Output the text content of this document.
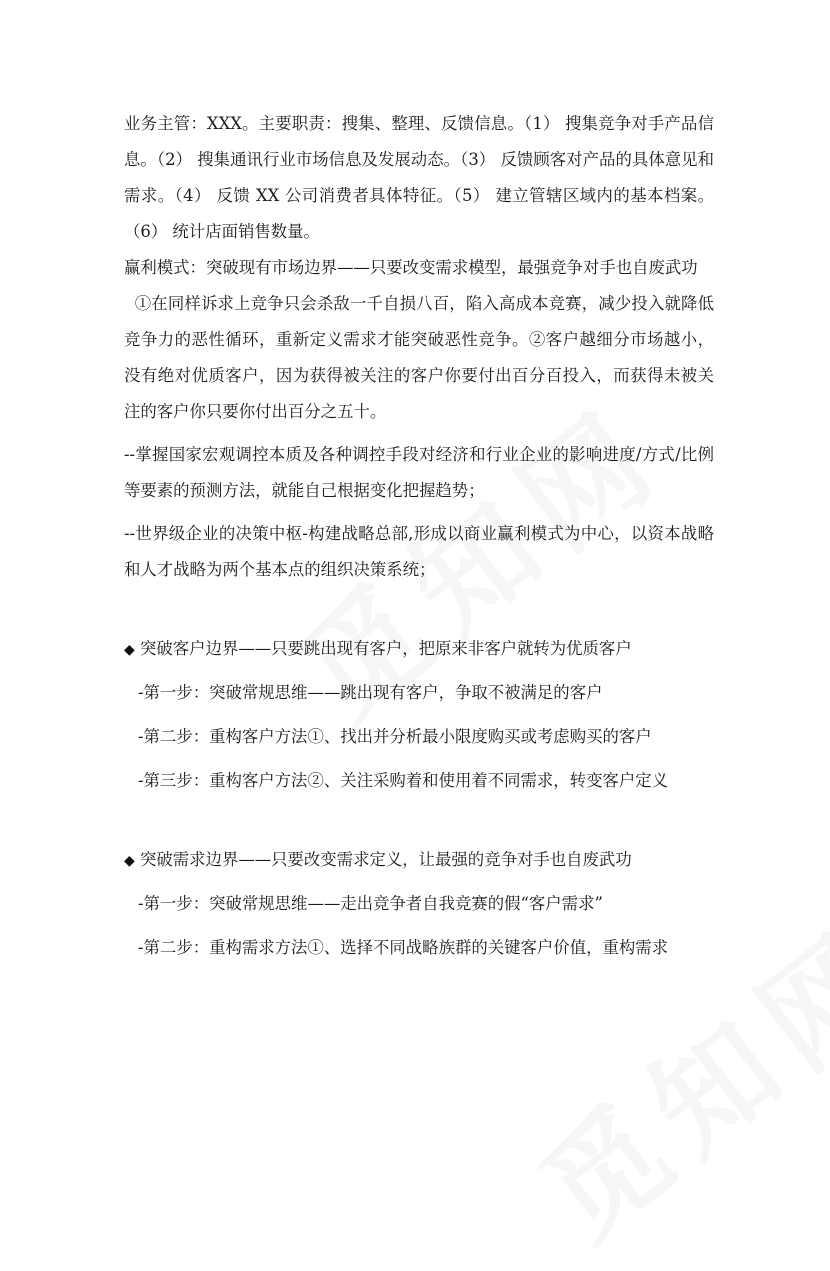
业务主管：XXX。主要职责：搜集、整理、反馈信息。（1） 搜集竞争对手产品信息。（2） 搜集通讯行业市场信息及发展动态。（3） 反馈顾客对产品的具体意见和需求。（4） 反馈 XX 公司消费者具体特征。（5） 建立管辖区域内的基本档案。（6） 统计店面销售数量。

赢利模式：突破现有市场边界——只要改变需求模型，最强竞争对手也自废武功

①在同样诉求上竞争只会杀敌一千自损八百，陷入高成本竞赛，减少投入就降低竞争力的恶性循环，重新定义需求才能突破恶性竞争。②客户越细分市场越小，没有绝对优质客户，因为获得被关注的客户你要付出百分百投入，而获得未被关注的客户你只要你付出百分之五十。

--掌握国家宏观调控本质及各种调控手段对经济和行业企业的影响进度/方式/比例等要素的预测方法，就能自己根据变化把握趋势；

--世界级企业的决策中枢-构建战略总部,形成以商业赢利模式为中心，以资本战略和人才战略为两个基本点的组织决策系统；

◆ 突破客户边界——只要跳出现有客户，把原来非客户就转为优质客户

-第一步：突破常规思维——跳出现有客户，争取不被满足的客户

-第二步：重构客户方法①、找出并分析最小限度购买或考虑购买的客户

-第三步：重构客户方法②、关注采购着和使用着不同需求，转变客户定义

◆ 突破需求边界——只要改变需求定义，让最强的竞争对手也自废武功

-第一步：突破常规思维——走出竞争者自我竞赛的假“客户需求”

-第二步：重构需求方法①、选择不同战略族群的关键客户价值，重构需求
